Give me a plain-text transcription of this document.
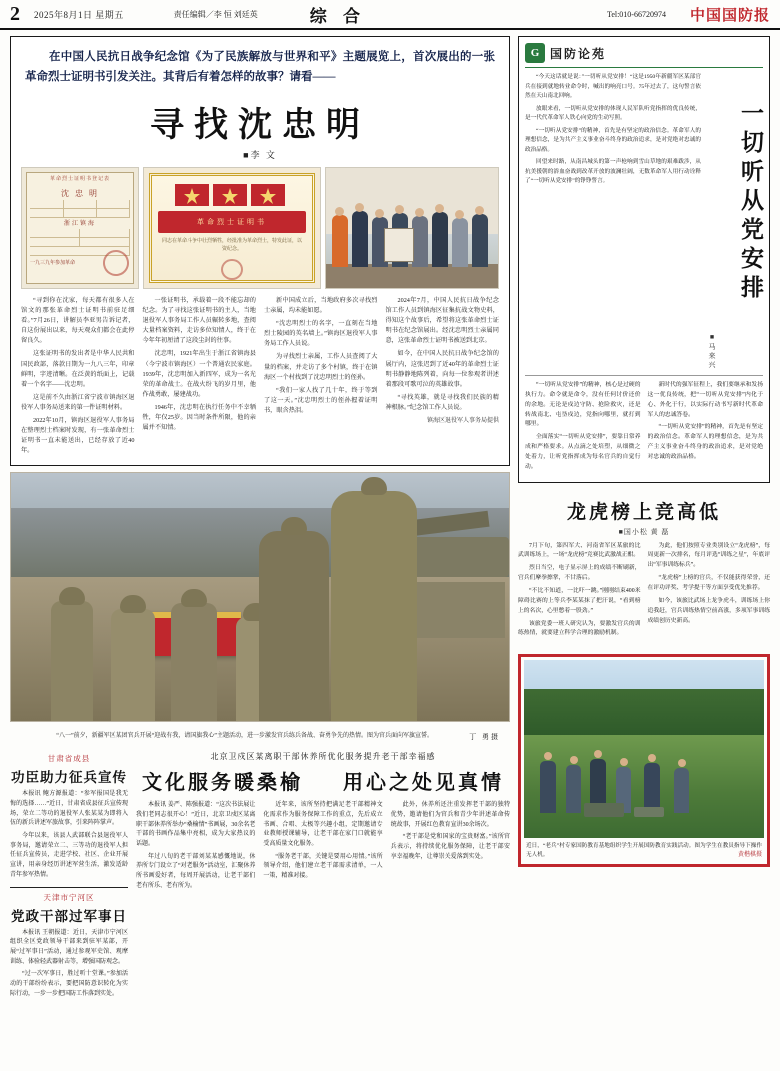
2	2025年8月1日 星期五	责任编辑／李 恒 刘廷英	综 合	Tel:010-66720974 中国国防报
在中国人民抗日战争纪念馆《为了民族解放与世界和平》主题展览上，首次展出的一张革命烈士证明书引发关注。其背后有着怎样的故事？请看——
寻找沈忠明
■李 文
革命烈士证明书登记表
沈 忠 明
浙江镇海
一九三九年参加革命
革命烈士证明书
同志在革命斗争中壮烈牺牲，经批准为革命烈士，特发此证，以资纪念。

“寻到你在沈家，每天都有很多人在馆文的那张革命烈士证明书前驻足细看。”7月26日，讲解员李亚男告诉记者，自这份展出以来，每天观众们都会在此停留良久。

这张证明书的发出者是中华人民共和国民政部，落款日期为一九八三年，印章鲜明，字迹清晰。在泛黄的纸面上，记载着一个名字——沈忠明。

这是前不久由浙江省宁波市镇海区退役军人事务局送来的第一件证明材料。

2022年10月，镇海区退役军人事务局在整理烈士档案时发现，有一张革命烈士证明书一直未能送出，已经存放了近40年。

一张证明书，承载着一段不能忘却的纪念。为了寻找这张证明书的主人，当地退役军人事务局工作人员辗转多地，查阅大量档案资料，走访多位知情人，终于在今年年初厘清了这段尘封的往事。

沈忠明，1921年出生于浙江省镇海县（今宁波市镇海区）一个普通农民家庭。1939年，沈忠明加入新四军，成为一名光荣的革命战士。在战火纷飞的岁月里，他作战勇敢，屡建战功。

1946年，沈忠明在执行任务中不幸牺牲，年仅25岁。因当时条件所限，他的亲属并不知情。

新中国成立后，当地政府多次寻找烈士亲属，均未能如愿。

“沈忠明烈士的名字，一直刻在当地烈士陵园的英名墙上。”镇海区退役军人事务局工作人员说。

为寻找烈士亲属，工作人员查阅了大量的档案，并走访了多个村镇，终于在镇海区一个村找到了沈忠明烈士的侄孙。

“我们一家人找了几十年，终于等到了这一天。”沈忠明烈士的侄孙握着证明书，眼含热泪。

2024年7月，中国人民抗日战争纪念馆工作人员到镇海区征集抗战文物史料，得知这个故事后，希望将这张革命烈士证明书在纪念馆展出。经沈忠明烈士亲属同意，这张革命烈士证明书被送到北京。

如今，在中国人民抗日战争纪念馆的展厅内，这张迟到了近40年的革命烈士证明书静静地陈列着，向每一位参观者讲述着那段可歌可泣的英雄故事。

“寻找英雄，就是寻找我们民族的精神根脉。”纪念馆工作人员说。

镇海区退役军人事务局提供
“八一”前夕，新疆军区某团官兵开展“迎战有我，请国旗我心”主题活动，进一步激发官兵练兵备战、奋勇争先的热情。图为官兵面向军旗宣誓。	丁 勇摄
甘肃省成县
功臣助力征兵宣传

本报讯 鲍方源报道：“参军报国是我无悔的选择……”近日，甘肃省成县征兵宣传现场，荣立二等功的退役军人张某某为即将入伍的新兵讲述军旅故事，引来阵阵掌声。

今年以来，该县人武部联合县退役军人事务局，邀请荣立二、三等功的退役军人担任征兵宣传员，走进学校、社区、企业开展宣讲，用亲身经历讲述军营生活，激发适龄青年参军热情。

天津市宁河区
党政干部过军事日

本报讯 王朝报道：近日，天津市宁河区组织全区党政领导干部来到驻军某部，开展“过军事日”活动，通过参观军史馆、观摩训练、体验轻武器射击等，增强国防观念。

“过一次军事日，胜过听十堂课。”参加活动的干部纷纷表示，要把国防意识转化为实际行动，一步一步把国防工作落到实处。

北京卫戍区某离职干部休养所优化服务提升老干部幸福感
文化服务暖桑榆 用心之处见真情

本报讯 姜严、陈强报道：“这次书法展让我们老同志很开心！”近日，北京卫戍区某离职干部休养所举办“桑榆情”书画展，30余名老干部的书画作品集中亮相，成为大家热议的话题。

年过八旬的老干部刘某某感慨地说，休养所专门设立了“对老服务”活动室，汇聚休养所书画爱好者，每周开展活动，让老干部们老有所乐、老有所为。

近年来，该所坚持把满足老干部精神文化需求作为服务保障工作的重点，先后成立书画、合唱、太极等兴趣小组，定期邀请专业教师授课辅导，让老干部在家门口就能享受高质量文化服务。

“服务老干部，关键是要用心用情。”该所领导介绍，他们建立老干部需求清单，一人一策，精准对接。

此外，休养所还注重发挥老干部的独特优势，邀请他们为官兵和青少年讲述革命传统故事，开展红色教育宣讲30余场次。

“老干部是党和国家的宝贵财富。”该所官兵表示，将持续优化服务保障，让老干部安享幸福晚年，让尊崇关爱落到实处。

G 国防论苑

“今天这话就是说：”一切听从党安排！“这是1950年新疆军区某部官兵在接到就地转业命令时，喊出的响亮口号。75年过去了，这句誓言依然在天山南北回响。

放眼来看，一切听从党安排的体现人民军队听党指挥的优良传统，是一代代革命军人铁心向党的生动写照。

“一切听从党安排”的精神，首先是有坚定的政治信念。革命军人的理想信念，是为共产主义事业奋斗终身的政治追求，是对党绝对忠诚的政治品格。

回望来时路，从南昌城头的第一声枪响到雪山草地的艰难跋涉，从抗美援朝的浴血奋战到改革开放的波澜壮阔，无数革命军人用行动诠释了“一切听从党安排”的铮铮誓言。	一切听从党安排
■马来兴

“一切听从党安排”的精神，核心是过硬的执行力。命令就是命令，没有任何讨价还价的余地。无论是戍边守防、抢险救灾，还是转战南北、屯垦戍边，党指向哪里，就打到哪里。

全面落实“一切听从党安排”，要靠日常养成和严格要求。从点滴之处培塑，从细微之处着力，让听党指挥成为每名官兵的自觉行动。

新时代的强军征程上，我们要继承和发扬这一优良传统，把“一切听从党安排”内化于心、外化于行，以实际行动书写新时代革命军人的忠诚答卷。

“一切听从党安排”的精神，首先是有坚定的政治信念。革命军人的理想信念，是为共产主义事业奋斗终身的政治追求，是对党绝对忠诚的政治品格。

龙虎榜上竞高低
■国小松 黄 磊

7月下旬，第四军大、河南省军区某旅的比武训练场上，一场“龙虎榜”竞赛比武激战正酣。

烈日当空，电子显示屏上的成绩不断刷新，官兵们摩拳擦掌，不甘落后。

“不比不知道，一比吓一跳。”刚刚结束400米障碍比赛的上等兵李某某抹了把汗说，“看到榜上的名次，心里憋着一股劲。”

该旅党委一班人研究认为，要激发官兵的训练热情，就要建立科学合理的激励机制。

为此，他们按照专业类别设立“龙虎榜”，每周更新一次排名，每月评选“训练之星”，年底评出“军事训练标兵”。

“龙虎榜”上榜的官兵，不仅能获得荣誉，还在评功评奖、考学提干等方面享受优先推荐。

如今，该旅比武场上龙争虎斗，训练场上你追我赶，官兵训练热情空前高涨，多项军事训练成绩创历史新高。

近日，“老兵”村专家国防教育基地组织学生开展国防教育实践活动。图为学生在教员指导下操作无人机。	黄楷棋摄
